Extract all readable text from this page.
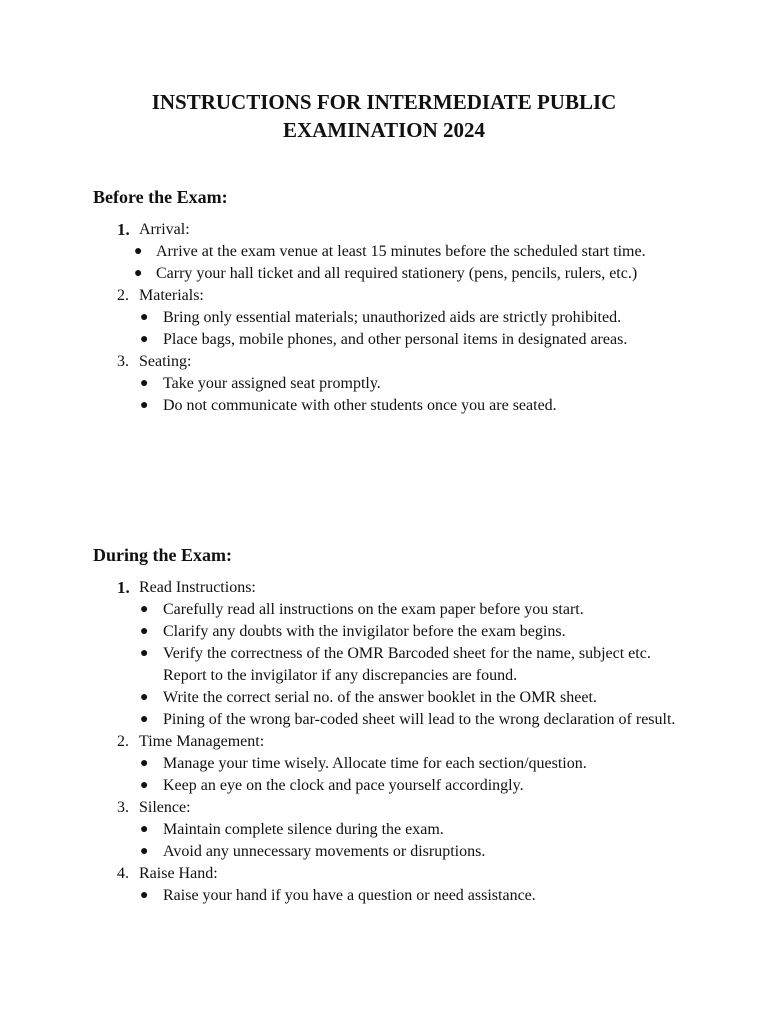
INSTRUCTIONS FOR INTERMEDIATE PUBLIC
EXAMINATION 2024
Before the Exam:
1. Arrival:
● Arrive at the exam venue at least 15 minutes before the scheduled start time.
● Carry your hall ticket and all required stationery (pens, pencils, rulers, etc.)
2. Materials:
● Bring only essential materials; unauthorized aids are strictly prohibited.
● Place bags, mobile phones, and other personal items in designated areas.
3. Seating:
● Take your assigned seat promptly.
● Do not communicate with other students once you are seated.
During the Exam:
1. Read Instructions:
● Carefully read all instructions on the exam paper before you start.
● Clarify any doubts with the invigilator before the exam begins.
● Verify the correctness of the OMR Barcoded sheet for the name, subject etc. Report to the invigilator if any discrepancies are found.
● Write the correct serial no. of the answer booklet in the OMR sheet.
● Pining of the wrong bar-coded sheet will lead to the wrong declaration of result.
2. Time Management:
● Manage your time wisely. Allocate time for each section/question.
● Keep an eye on the clock and pace yourself accordingly.
3. Silence:
● Maintain complete silence during the exam.
● Avoid any unnecessary movements or disruptions.
4. Raise Hand:
● Raise your hand if you have a question or need assistance.
